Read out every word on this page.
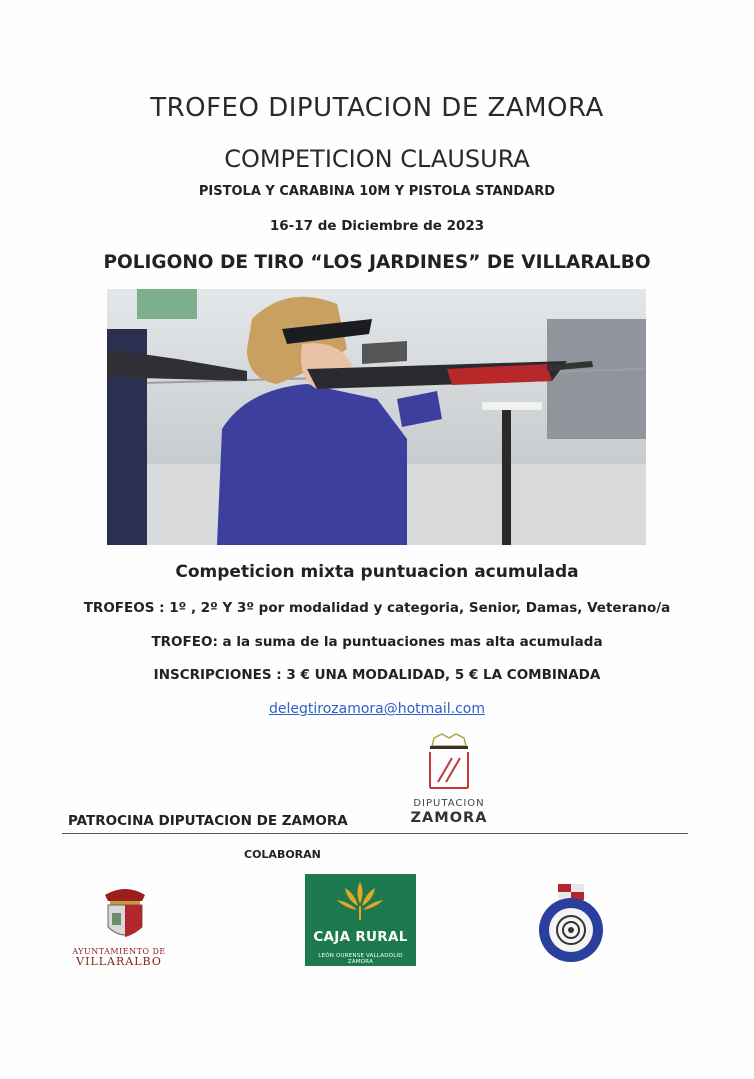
TROFEO DIPUTACION DE ZAMORA
COMPETICION CLAUSURA
PISTOLA Y CARABINA 10M Y PISTOLA STANDARD
16-17 de Diciembre de 2023
POLIGONO DE TIRO “LOS JARDINES” DE VILLARALBO
Competicion mixta puntuacion acumulada
TROFEOS : 1º , 2º Y 3º por modalidad y categoria, Senior, Damas, Veterano/a
TROFEO: a la suma de la puntuaciones mas alta acumulada
INSCRIPCIONES : 3 € UNA MODALIDAD, 5 € LA COMBINADA
delegtirozamora@hotmail.com
DIPUTACION
ZAMORA
PATROCINA DIPUTACION DE ZAMORA
COLABORAN
AYUNTAMIENTO DE
VILLARALBO
CAJA RURAL
LEÓN OURENSE VALLADOLID ZAMORA
